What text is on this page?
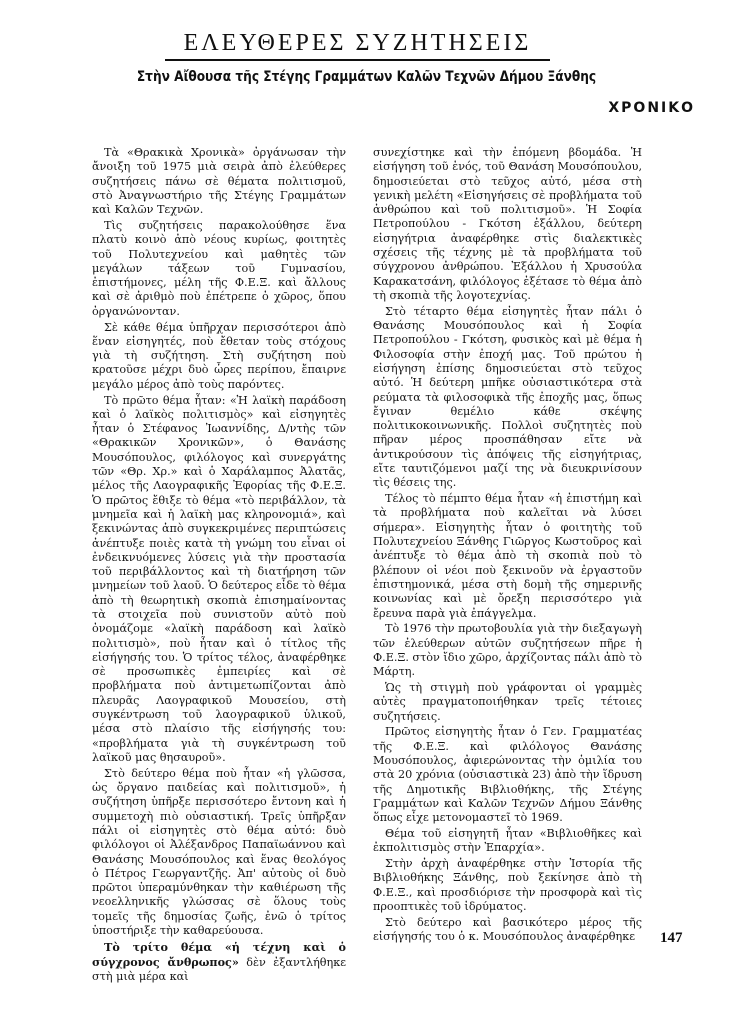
ΕΛΕΥΘΕΡΕΣ ΣΥΖΗΤΗΣΕΙΣ
Στὴν Αἴθουσα τῆς Στέγης Γραμμάτων Καλῶν Τεχνῶν Δήμου Ξάνθης
ΧΡΟΝΙΚΟ

Τὰ «Θρακικὰ Χρονικὰ» ὀργάνωσαν τὴν ἄνοιξη τοῦ 1975 μιὰ σειρὰ ἀπὸ ἐλεύθερες συζητήσεις πάνω σὲ θέματα πολιτισμοῦ, στὸ Ἀναγνωστήριο τῆς Στέγης Γραμμάτων καὶ Καλῶν Τεχνῶν.

Τὶς συζητήσεις παρακολούθησε ἕνα πλατὺ κοινὸ ἀπὸ νέους κυρίως, φοιτητὲς τοῦ Πολυτεχνείου καὶ μαθητὲς τῶν μεγάλων τάξεων τοῦ Γυμνασίου, ἐπιστήμονες, μέλη τῆς Φ.Ε.Ξ. καὶ ἄλλους καὶ σὲ ἀριθμὸ ποὺ ἐπέτρεπε ὁ χῶρος, ὅπου ὀργανώνονταν.

Σὲ κάθε θέμα ὑπῆρχαν περισσότεροι ἀπὸ ἕναν εἰσηγητές, ποὺ ἔθεταν τοὺς στόχους γιὰ τὴ συζήτηση. Στὴ συζήτηση ποὺ κρατοῦσε μέχρι δυὸ ὧρες περίπου, ἔπαιρνε μεγάλο μέρος ἀπὸ τοὺς παρόντες.

Τὸ πρῶτο θέμα ἦταν: «Ἡ λαϊκὴ παράδοση καὶ ὁ λαϊκὸς πολιτισμὸς» καὶ εἰσηγητὲς ἦταν ὁ Στέφανος Ἰωαννίδης, Δ/ντὴς τῶν «Θρακικῶν Χρονικῶν», ὁ Θανάσης Μουσόπουλος, φιλόλογος καὶ συνεργάτης τῶν «Θρ. Χρ.» καὶ ὁ Χαράλαμπος Ἀλατᾶς, μέλος τῆς Λαογραφικῆς Ἐφορίας τῆς Φ.Ε.Ξ. Ὁ πρῶτος ἔθιξε τὸ θέμα «τὸ περιβάλλον, τὰ μνημεῖα καὶ ἡ λαϊκὴ μας κληρονομιά», καὶ ξεκινώντας ἀπὸ συγκεκριμένες περιπτώσεις ἀνέπτυξε ποιὲς κατὰ τὴ γνώμη του εἶναι οἱ ἐνδεικνυόμενες λύσεις γιὰ τὴν προστασία τοῦ περιβάλλοντος καὶ τὴ διατήρηση τῶν μνημείων τοῦ λαοῦ. Ὁ δεύτερος εἶδε τὸ θέμα ἀπὸ τὴ θεωρητικὴ σκοπιὰ ἐπισημαίνοντας τὰ στοιχεῖα ποὺ συνιστοῦν αὐτὸ ποὺ ὀνομάζομε «λαϊκὴ παράδοση καὶ λαϊκὸ πολιτισμὸ», ποὺ ἦταν καὶ ὁ τίτλος τῆς εἰσήγησής του. Ὁ τρίτος τέλος, ἀναφέρθηκε σὲ προσωπικὲς ἐμπειρίες καὶ σὲ προβλήματα ποὺ ἀντιμετωπίζονται ἀπὸ πλευρᾶς Λαογραφικοῦ Μουσείου, στὴ συγκέντρωση τοῦ λαογραφικοῦ ὑλικοῦ, μέσα στὸ πλαίσιο τῆς εἰσήγησής του: «προβλήματα γιὰ τὴ συγκέντρωση τοῦ λαϊκοῦ μας θησαυροῦ».

Στὸ δεύτερο θέμα ποὺ ἦταν «ἡ γλῶσσα, ὡς ὄργανο παιδείας καὶ πολιτισμοῦ», ἡ συζήτηση ὑπῆρξε περισσότερο ἔντονη καὶ ἡ συμμετοχὴ πιὸ οὐσιαστική. Τρεῖς ὑπῆρξαν πάλι οἱ εἰσηγητὲς στὸ θέμα αὐτό: δυὸ φιλόλογοι οἱ Ἀλέξανδρος Παπαϊωάννου καὶ Θανάσης Μουσόπουλος καὶ ἕνας θεολόγος ὁ Πέτρος Γεωργαντζῆς. Ἀπ' αὐτοὺς οἱ δυὸ πρῶτοι ὑπεραμύνθηκαν τὴν καθιέρωση τῆς νεοελληνικῆς γλώσσας σὲ ὅλους τοὺς τομεῖς τῆς δημοσίας ζωῆς, ἐνῶ ὁ τρίτος ὑποστήριξε τὴν καθαρεύουσα.

Τὸ τρίτο θέμα «ἡ τέχνη καὶ ὁ σύγχρονος ἄνθρωπος» δὲν ἐξαντλήθηκε στὴ μιὰ μέρα καὶ

συνεχίστηκε καὶ τὴν ἑπόμενη βδομάδα. Ἡ εἰσήγηση τοῦ ἑνός, τοῦ Θανάση Μουσόπουλου, δημοσιεύεται στὸ τεῦχος αὐτό, μέσα στὴ γενικὴ μελέτη «Εἰσηγήσεις σὲ προβλήματα τοῦ ἀνθρώπου καὶ τοῦ πολιτισμοῦ». Ἡ Σοφία Πετροπούλου - Γκότση ἐξάλλου, δεύτερη εἰσηγήτρια ἀναφέρθηκε στὶς διαλεκτικὲς σχέσεις τῆς τέχνης μὲ τὰ προβλήματα τοῦ σύγχρονου ἀνθρώπου. Ἐξάλλου ἡ Χρυσούλα Καρακατσάνη, φιλόλογος ἐξέτασε τὸ θέμα ἀπὸ τὴ σκοπιὰ τῆς λογοτεχνίας.

Στὸ τέταρτο θέμα εἰσηγητὲς ἦταν πάλι ὁ Θανάσης Μουσόπουλος καὶ ἡ Σοφία Πετροπούλου - Γκότση, φυσικὸς καὶ μὲ θέμα ἡ Φιλοσοφία στὴν ἐποχή μας. Τοῦ πρώτου ἡ εἰσήγηση ἐπίσης δημοσιεύεται στὸ τεῦχος αὐτό. Ἡ δεύτερη μπῆκε οὐσιαστικότερα στὰ ρεύματα τὰ φιλοσοφικὰ τῆς ἐποχῆς μας, ὅπως ἔγιναν θεμέλιο κάθε σκέψης πολιτικοκοινωνικῆς. Πολλοὶ συζητητὲς ποὺ πῆραν μέρος προσπάθησαν εἴτε νὰ ἀντικρούσουν τὶς ἀπόψεις τῆς εἰσηγήτριας, εἴτε ταυτιζόμενοι μαζί της νὰ διευκρινίσουν τὶς θέσεις της.

Τέλος τὸ πέμπτο θέμα ἦταν «ἡ ἐπιστήμη καὶ τὰ προβλήματα ποὺ καλεῖται νὰ λύσει σήμερα». Εἰσηγητὴς ἦταν ὁ φοιτητὴς τοῦ Πολυτεχνείου Ξάνθης Γιῶργος Κωστοῦρος καὶ ἀνέπτυξε τὸ θέμα ἀπὸ τὴ σκοπιὰ ποὺ τὸ βλέπουν οἱ νέοι ποὺ ξεκινοῦν νὰ ἐργαστοῦν ἐπιστημονικά, μέσα στὴ δομὴ τῆς σημερινῆς κοινωνίας καὶ μὲ ὄρεξη περισσότερο γιὰ ἔρευνα παρὰ γιὰ ἐπάγγελμα.

Τὸ 1976 τὴν πρωτοβουλία γιὰ τὴν διεξαγωγὴ τῶν ἐλεύθερων αὐτῶν συζητήσεων πῆρε ἡ Φ.Ε.Ξ. στὸν ἴδιο χῶρο, ἀρχίζοντας πάλι ἀπὸ τὸ Μάρτη.

Ὡς τὴ στιγμὴ ποὺ γράφονται οἱ γραμμὲς αὐτὲς πραγματοποιήθηκαν τρεῖς τέτοιες συζητήσεις.

Πρῶτος εἰσηγητὴς ἦταν ὁ Γεν. Γραμματέας τῆς Φ.Ε.Ξ. καὶ φιλόλογος Θανάσης Μουσόπουλος, ἀφιερώνοντας τὴν ὁμιλία του στὰ 20 χρόνια (οὐσιαστικὰ 23) ἀπὸ τὴν ἵδρυση τῆς Δημοτικῆς Βιβλιοθήκης, τῆς Στέγης Γραμμάτων καὶ Καλῶν Τεχνῶν Δήμου Ξάνθης ὅπως εἶχε μετονομαστεῖ τὸ 1969.

Θέμα τοῦ εἰσηγητῆ ἦταν «Βιβλιοθῆκες καὶ ἐκπολιτισμὸς στὴν Ἐπαρχία».

Στὴν ἀρχὴ ἀναφέρθηκε στὴν Ἱστορία τῆς Βιβλιοθήκης Ξάνθης, ποὺ ξεκίνησε ἀπὸ τὴ Φ.Ε.Ξ., καὶ προσδιόρισε τὴν προσφορὰ καὶ τὶς προοπτικὲς τοῦ ἱδρύματος.

Στὸ δεύτερο καὶ βασικότερο μέρος τῆς εἰσήγησής του ὁ κ. Μουσόπουλος ἀναφέρθηκε	147
